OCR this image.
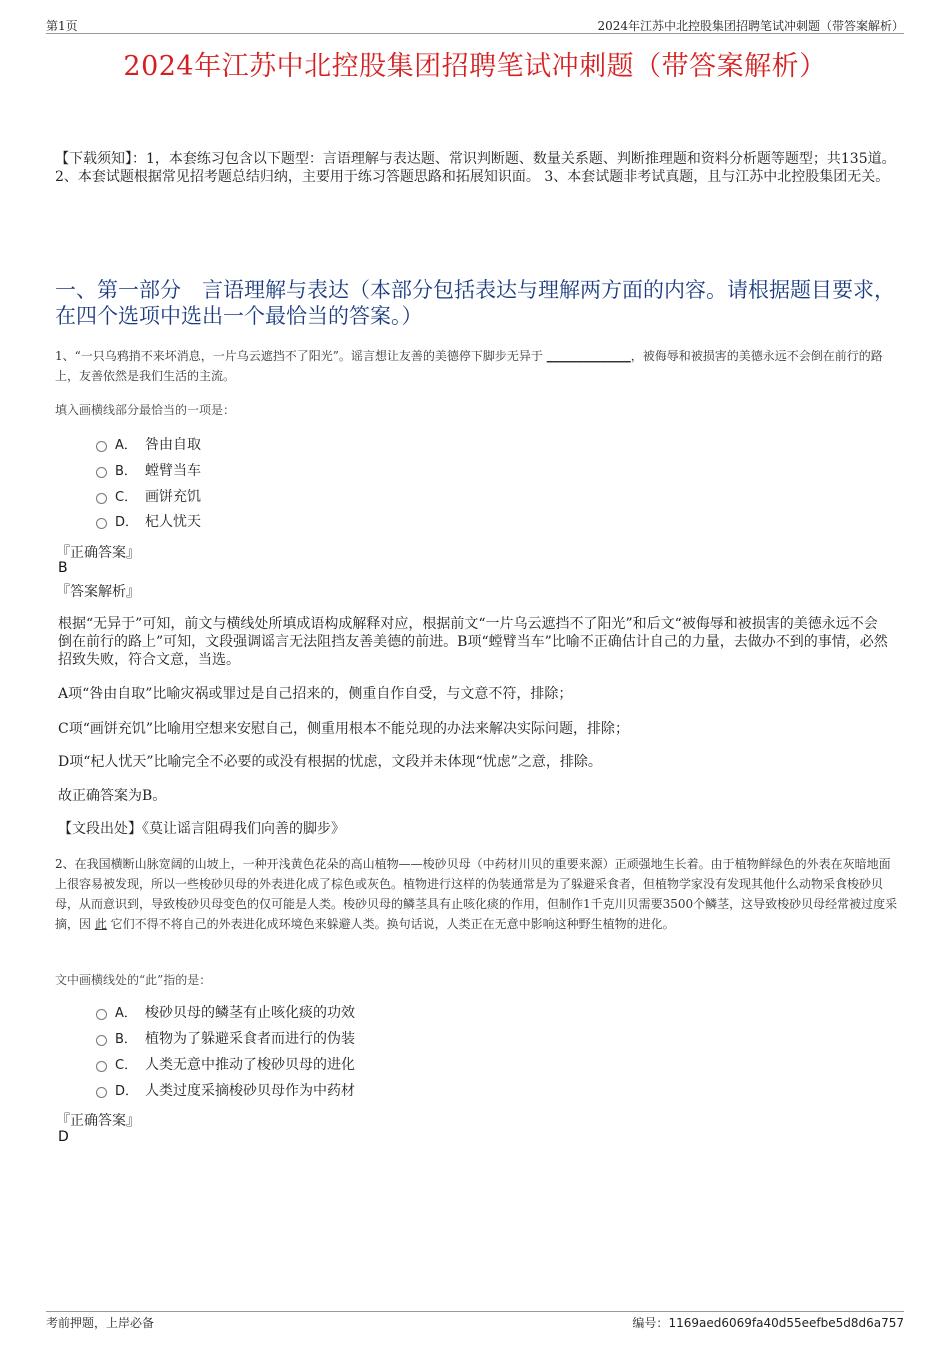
第1页	2024年江苏中北控股集团招聘笔试冲刺题（带答案解析）
2024年江苏中北控股集团招聘笔试冲刺题（带答案解析）
【下载须知】：1，本套练习包含以下题型：言语理解与表达题、常识判断题、数量关系题、判断推理题和资料分析题等题型；共135道。 2、本套试题根据常见招考题总结归纳，主要用于练习答题思路和拓展知识面。 3、本套试题非考试真题，且与江苏中北控股集团无关。
一、第一部分　言语理解与表达（本部分包括表达与理解两方面的内容。请根据题目要求，在四个选项中选出一个最恰当的答案。）
1、“一只乌鸦捎不来坏消息，一片乌云遮挡不了阳光”。谣言想让友善的美德停下脚步无异于 ______________，被侮辱和被损害的美德永远不会倒在前行的路上，友善依然是我们生活的主流。
填入画横线部分最恰当的一项是：
A． 咎由自取
B． 螳臂当车
C． 画饼充饥
D． 杞人忧天
『正确答案』
B
『答案解析』
根据“无异于”可知，前文与横线处所填成语构成解释对应，根据前文“一片乌云遮挡不了阳光”和后文“被侮辱和被损害的美德永远不会倒在前行的路上”可知，文段强调谣言无法阻挡友善美德的前进。B项“螳臂当车”比喻不正确估计自己的力量，去做办不到的事情，必然招致失败，符合文意，当选。
A项“咎由自取”比喻灾祸或罪过是自己招来的，侧重自作自受，与文意不符，排除；
C项“画饼充饥”比喻用空想来安慰自己，侧重用根本不能兑现的办法来解决实际问题，排除；
D项“杞人忧天”比喻完全不必要的或没有根据的忧虑，文段并未体现“忧虑”之意，排除。
故正确答案为B。
【文段出处】《莫让谣言阻碍我们向善的脚步》
2、在我国横断山脉宽阔的山坡上，一种开浅黄色花朵的高山植物——梭砂贝母（中药材川贝的重要来源）正顽强地生长着。由于植物鲜绿色的外表在灰暗地面上很容易被发现，所以一些梭砂贝母的外表进化成了棕色或灰色。植物进行这样的伪装通常是为了躲避采食者，但植物学家没有发现其他什么动物采食梭砂贝母，从而意识到，导致梭砂贝母变色的仅可能是人类。梭砂贝母的鳞茎具有止咳化痰的作用，但制作1千克川贝需要3500个鳞茎，这导致梭砂贝母经常被过度采摘，因 此 它们不得不将自己的外表进化成环境色来躲避人类。换句话说，人类正在无意中影响这种野生植物的进化。
文中画横线处的“此”指的是：
A． 梭砂贝母的鳞茎有止咳化痰的功效
B． 植物为了躲避采食者而进行的伪装
C． 人类无意中推动了梭砂贝母的进化
D． 人类过度采摘梭砂贝母作为中药材
『正确答案』
D
考前押题，上岸必备	编号：1169aed6069fa40d55eefbe5d8d6a757
